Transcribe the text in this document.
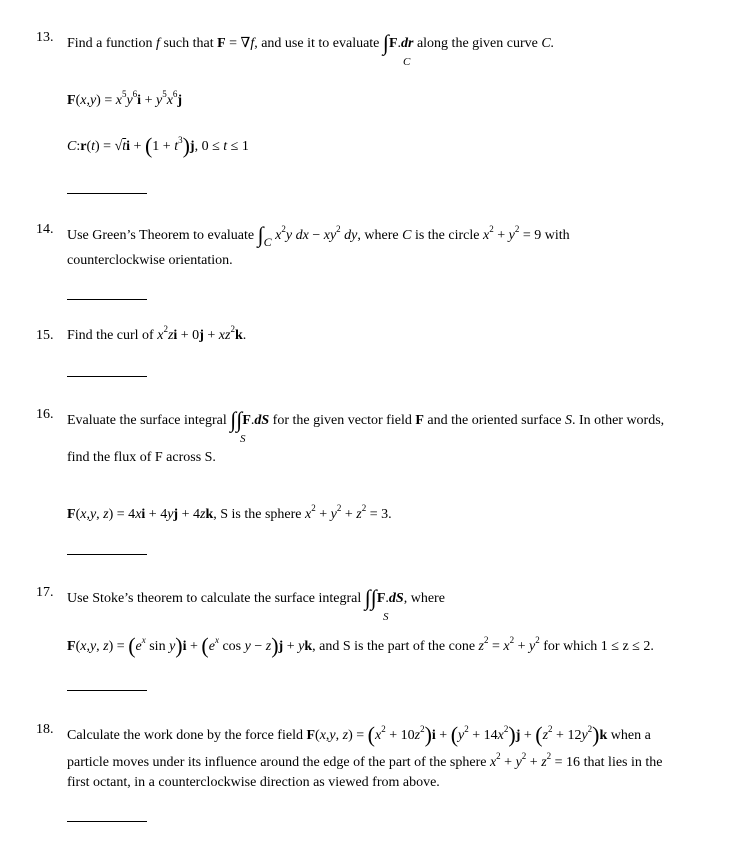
13. Find a function f such that F = ∇f, and use it to evaluate ∫F.dr along the given curve C.
C
$F(x,y) = x^5y^6i + y^5x^6j$
C:r(t) = $√ti + (1 + t^3)j$, 0 ≤ t ≤ 1
14. Use Green’s Theorem to evaluate $\int_C$ $x^2y$ dx − $xy^2$ dy, where C is the circle $x^2 + y^2 = 9$ with
counterclockwise orientation.
15. Find the curl of $x^2zi + 0j + xz^2k$.
16. Evaluate the surface integral ∫∫F.dS for the given vector field F and the oriented surface S. In other words,
S
find the flux of F across S.
F(x,y, z) = 4xi + 4yj + 4zk, S is the sphere $x^2 + y^2 + z^2 = 3$.
17. Use Stoke’s theorem to calculate the surface integral ∫∫F.dS, where
S
F(x,y, $z) = (e^x$ $\sin y)i + (e^x$ cos y − z)j + yk, and S is the part of the cone $z^2 = x^2 + y^2$ for which 1 ≤ z ≤ 2.
18. Calculate the work done by the force field F(x,y, $z) = (x^2 + 10z^2)i + (y^2 + 14x^2)j + (z^2 + 12y^2)k$ when a
particle moves under its influence around the edge of the part of the sphere $x^2 + y^2 + z^2 = 16$ that lies in the
first octant, in a counterclockwise direction as viewed from above.
